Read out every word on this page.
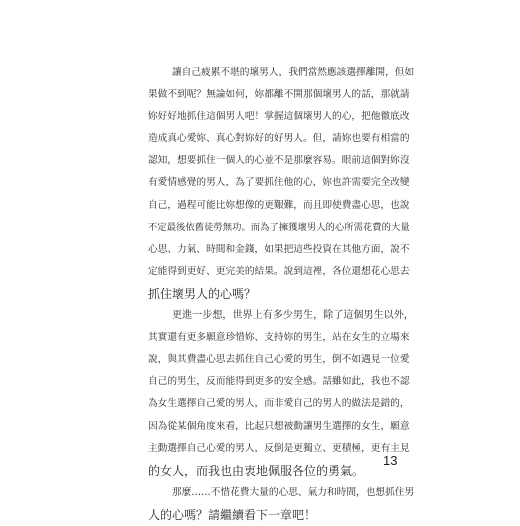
讓自己疲累不堪的壞男人，我們當然應該選擇離開，但如
果做不到呢？無論如何，妳都離不開那個壞男人的話，那就請
妳好好地抓住這個男人吧！掌握這個壞男人的心，把他徹底改
造成真心愛妳、真心對妳好的好男人。但，請妳也要有相當的
認知，想要抓住一個人的心並不是那麼容易。眼前這個對妳沒
有愛情感覺的男人，為了要抓住他的心，妳也許需要完全改變
自己，過程可能比妳想像的更艱難，而且即使費盡心思，也說
不定最後依舊徒勞無功。而為了擁獲壞男人的心所需花費的大量
心思、力氣、時間和金錢，如果把這些投資在其他方面，說不
定能得到更好、更完美的結果。說到這裡，各位還想花心思去
抓住壞男人的心嗎？

更進一步想，世界上有多少男生，除了這個男生以外，
其實還有更多願意珍惜妳、支持妳的男生，站在女生的立場來
說，與其費盡心思去抓住自己心愛的男生，倒不如遇見一位愛
自己的男生，反而能得到更多的安全感。話雖如此，我也不認
為女生選擇自己愛的男人，而非愛自己的男人的做法是錯的，
因為從某個角度來看，比起只想被動讓男生選擇的女生，願意
主動選擇自己心愛的男人，反倒是更獨立、更積極，更有主見
的女人，而我也由衷地佩服各位的勇氣。

那麼……不惜花費大量的心思、氣力和時間，也想抓住男
人的心嗎？請繼續看下一章吧！

13
